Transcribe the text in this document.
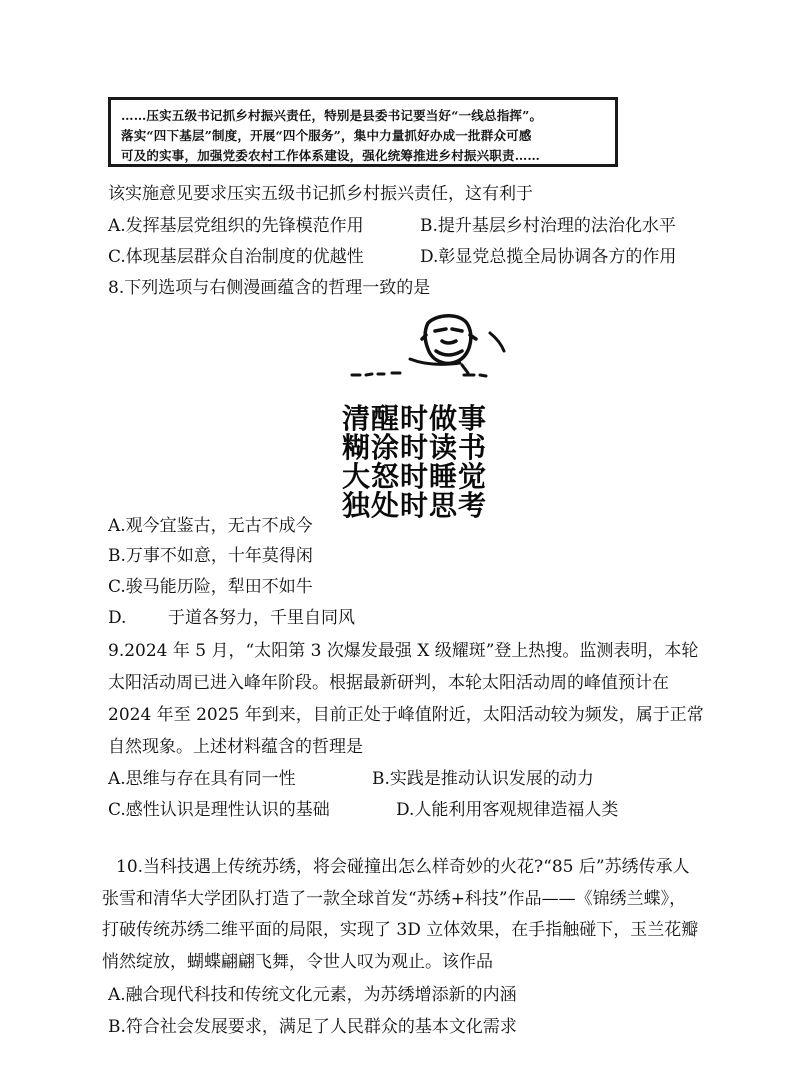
……压实五级书记抓乡村振兴责任，特别是县委书记要当好“一线总指挥”。
落实“四下基层”制度，开展“四个服务”，集中力量抓好办成一批群众可感
可及的实事，加强党委农村工作体系建设，强化统筹推进乡村振兴职责……
该实施意见要求压实五级书记抓乡村振兴责任，这有利于
A.发挥基层党组织的先锋模范作用	B.提升基层乡村治理的法治化水平
C.体现基层群众自治制度的优越性	D.彰显党总揽全局协调各方的作用
8.下列选项与右侧漫画蕴含的哲理一致的是
清醒时做事
糊涂时读书
大怒时睡觉
独处时思考
A.观今宜鉴古，无古不成今
B.万事不如意，十年莫得闲
C.骏马能历险，犁田不如牛
D. 于道各努力，千里自同风
9.2024 年 5 月，“太阳第 3 次爆发最强 X 级耀斑”登上热搜。监测表明，本轮
太阳活动周已进入峰年阶段。根据最新研判，本轮太阳活动周的峰值预计在
2024 年至 2025 年到来，目前正处于峰值附近，太阳活动较为频发，属于正常
自然现象。上述材料蕴含的哲理是
A.思维与存在具有同一性	B.实践是推动认识发展的动力
C.感性认识是理性认识的基础	D.人能利用客观规律造福人类
10.当科技遇上传统苏绣，将会碰撞出怎么样奇妙的火花?“85 后”苏绣传承人
张雪和清华大学团队打造了一款全球首发“苏绣+科技”作品——《锦绣兰蝶》，
打破传统苏绣二维平面的局限，实现了 3D 立体效果，在手指触碰下，玉兰花瓣
悄然绽放，蝴蝶翩翩飞舞，令世人叹为观止。该作品
A.融合现代科技和传统文化元素，为苏绣增添新的内涵
B.符合社会发展要求，满足了人民群众的基本文化需求
